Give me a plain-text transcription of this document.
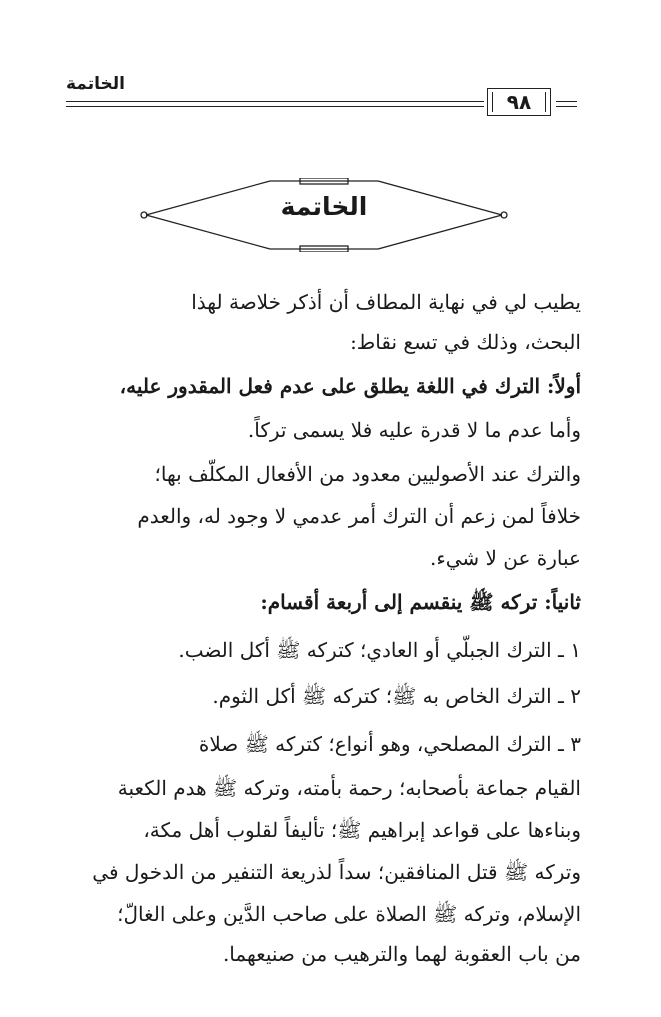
الخاتمة
٩٨
الخاتمة
يطيب لي في نهاية المطاف أن أذكر خلاصة لهذا
البحث، وذلك في تسع نقاط:
أولاً: الترك في اللغة يطلق على عدم فعل المقدور عليه،
وأما عدم ما لا قدرة عليه فلا يسمى تركاً.
والترك عند الأصوليين معدود من الأفعال المكلّف بها؛
خلافاً لمن زعم أن الترك أمر عدمي لا وجود له، والعدم
عبارة عن لا شيء.
ثانياً: تركه ﷺ ينقسم إلى أربعة أقسام:
١ ـ الترك الجبلّي أو العادي؛ كتركه ﷺ أكل الضب.
٢ ـ الترك الخاص به ﷺ؛ كتركه ﷺ أكل الثوم.
٣ ـ الترك المصلحي، وهو أنواع؛ كتركه ﷺ صلاة
القيام جماعة بأصحابه؛ رحمة بأمته، وتركه ﷺ هدم الكعبة
وبناءها على قواعد إبراهيم ﷺ؛ تأليفاً لقلوب أهل مكة،
وتركه ﷺ قتل المنافقين؛ سداً لذريعة التنفير من الدخول في
الإسلام، وتركه ﷺ الصلاة على صاحب الدَّين وعلى الغالّ؛
من باب العقوبة لهما والترهيب من صنيعهما.
